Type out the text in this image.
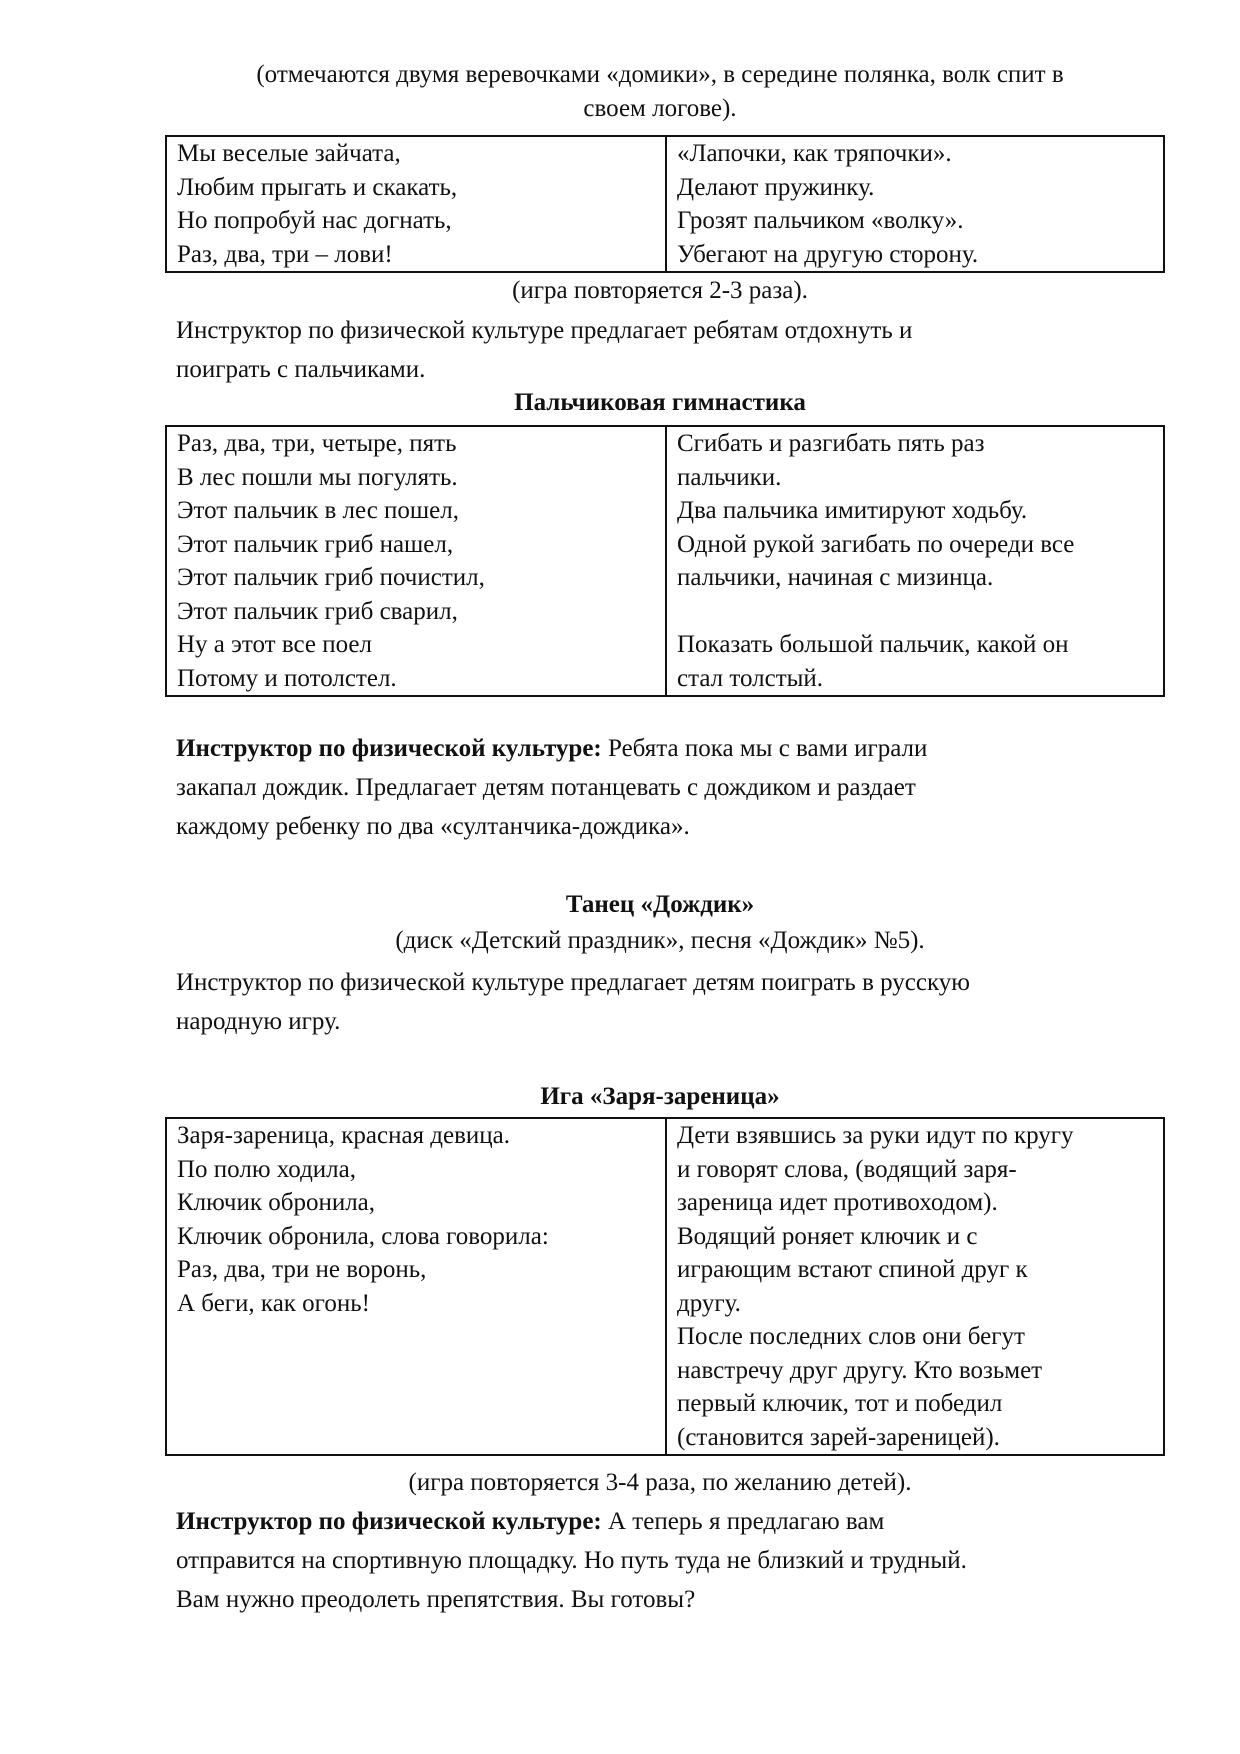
(отмечаются двумя веревочками «домики», в середине полянка, волк спит в
своем логове).
Мы веселые зайчата,
Любим прыгать и скакать,
Но попробуй нас догнать,
Раз, два, три – лови!

«Лапочки, как тряпочки».
Делают пружинку.
Грозят пальчиком «волку».
Убегают на другую сторону.
(игра повторяется 2-3 раза).
Инструктор по физической культуре предлагает ребятам отдохнуть и
поиграть с пальчиками.
Пальчиковая гимнастика
Раз, два, три, четыре, пять
В лес пошли мы погулять.
Этот пальчик в лес пошел,
Этот пальчик гриб нашел,
Этот пальчик гриб почистил,
Этот пальчик гриб сварил,
Ну а этот все поел
Потому и потолстел.

Сгибать и разгибать пять раз
пальчики.
Два пальчика имитируют ходьбу.
Одной рукой загибать по очереди все
пальчики, начиная с мизинца.
Показать большой пальчик, какой он
стал толстый.
Инструктор по физической культуре: Ребята пока мы с вами играли
закапал дождик. Предлагает детям потанцевать с дождиком и раздает
каждому ребенку по два «султанчика-дождика».
Танец «Дождик»
(диск «Детский праздник», песня «Дождик» №5).
Инструктор по физической культуре предлагает детям поиграть в русскую
народную игру.
Ига «Заря-зареница»
Заря-зареница, красная девица.
По полю ходила,
Ключик обронила,
Ключик обронила, слова говорила:
Раз, два, три не воронь,
А беги, как огонь!

Дети взявшись за руки идут по кругу
и говорят слова, (водящий заря-
зареница идет противоходом).
Водящий роняет ключик и с
играющим встают спиной друг к
другу.
После последних слов они бегут
навстречу друг другу. Кто возьмет
первый ключик, тот и победил
(становится зарей-зареницей).
(игра повторяется 3-4 раза, по желанию детей).
Инструктор по физической культуре: А теперь я предлагаю вам
отправится на спортивную площадку. Но путь туда не близкий и трудный.
Вам нужно преодолеть препятствия. Вы готовы?
